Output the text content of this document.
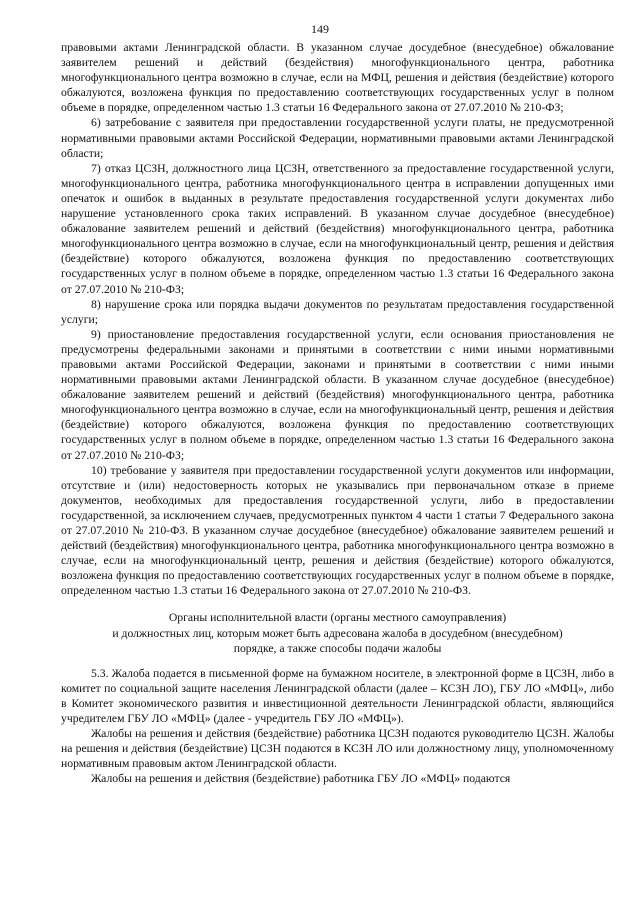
149

правовыми актами Ленинградской области. В указанном случае досудебное (внесудебное) обжалование заявителем решений и действий (бездействия) многофункционального центра, работника многофункционального центра возможно в случае, если на МФЦ, решения и действия (бездействие) которого обжалуются, возложена функция по предоставлению соответствующих государственных услуг в полном объеме в порядке, определенном частью 1.3 статьи 16 Федерального закона от 27.07.2010 № 210-ФЗ;

6) затребование с заявителя при предоставлении государственной услуги платы, не предусмотренной нормативными правовыми актами Российской Федерации, нормативными правовыми актами Ленинградской области;

7) отказ ЦСЗН, должностного лица ЦСЗН, ответственного за предоставление государственной услуги, многофункционального центра, работника многофункционального центра в исправлении допущенных ими опечаток и ошибок в выданных в результате предоставления государственной услуги документах либо нарушение установленного срока таких исправлений. В указанном случае досудебное (внесудебное) обжалование заявителем решений и действий (бездействия) многофункционального центра, работника многофункционального центра возможно в случае, если на многофункциональный центр, решения и действия (бездействие) которого обжалуются, возложена функция по предоставлению соответствующих государственных услуг в полном объеме в порядке, определенном частью 1.3 статьи 16 Федерального закона от 27.07.2010 № 210-ФЗ;

8) нарушение срока или порядка выдачи документов по результатам предоставления государственной услуги;

9) приостановление предоставления государственной услуги, если основания приостановления не предусмотрены федеральными законами и принятыми в соответствии с ними иными нормативными правовыми актами Российской Федерации, законами и принятыми в соответствии с ними иными нормативными правовыми актами Ленинградской области. В указанном случае досудебное (внесудебное) обжалование заявителем решений и действий (бездействия) многофункционального центра, работника многофункционального центра возможно в случае, если на многофункциональный центр, решения и действия (бездействие) которого обжалуются, возложена функция по предоставлению соответствующих государственных услуг в полном объеме в порядке, определенном частью 1.3 статьи 16 Федерального закона от 27.07.2010 № 210-ФЗ;

10) требование у заявителя при предоставлении государственной услуги документов или информации, отсутствие и (или) недостоверность которых не указывались при первоначальном отказе в приеме документов, необходимых для предоставления государственной услуги, либо в предоставлении государственной, за исключением случаев, предусмотренных пунктом 4 части 1 статьи 7 Федерального закона от 27.07.2010 № 210-ФЗ. В указанном случае досудебное (внесудебное) обжалование заявителем решений и действий (бездействия) многофункционального центра, работника многофункционального центра возможно в случае, если на многофункциональный центр, решения и действия (бездействие) которого обжалуются, возложена функция по предоставлению соответствующих государственных услуг в полном объеме в порядке, определенном частью 1.3 статьи 16 Федерального закона от 27.07.2010 № 210-ФЗ.

Органы исполнительной власти (органы местного самоуправления)
и должностных лиц, которым может быть адресована жалоба в досудебном (внесудебном)
порядке, а также способы подачи жалобы

5.3. Жалоба подается в письменной форме на бумажном носителе, в электронной форме в ЦСЗН, либо в комитет по социальной защите населения Ленинградской области (далее – КСЗН ЛО), ГБУ ЛО «МФЦ», либо в Комитет экономического развития и инвестиционной деятельности Ленинградской области, являющийся учредителем ГБУ ЛО «МФЦ» (далее - учредитель ГБУ ЛО «МФЦ»).

Жалобы на решения и действия (бездействие) работника ЦСЗН подаются руководителю ЦСЗН. Жалобы на решения и действия (бездействие) ЦСЗН подаются в КСЗН ЛО или должностному лицу, уполномоченному нормативным правовым актом Ленинградской области.

Жалобы на решения и действия (бездействие) работника ГБУ ЛО «МФЦ» подаются
